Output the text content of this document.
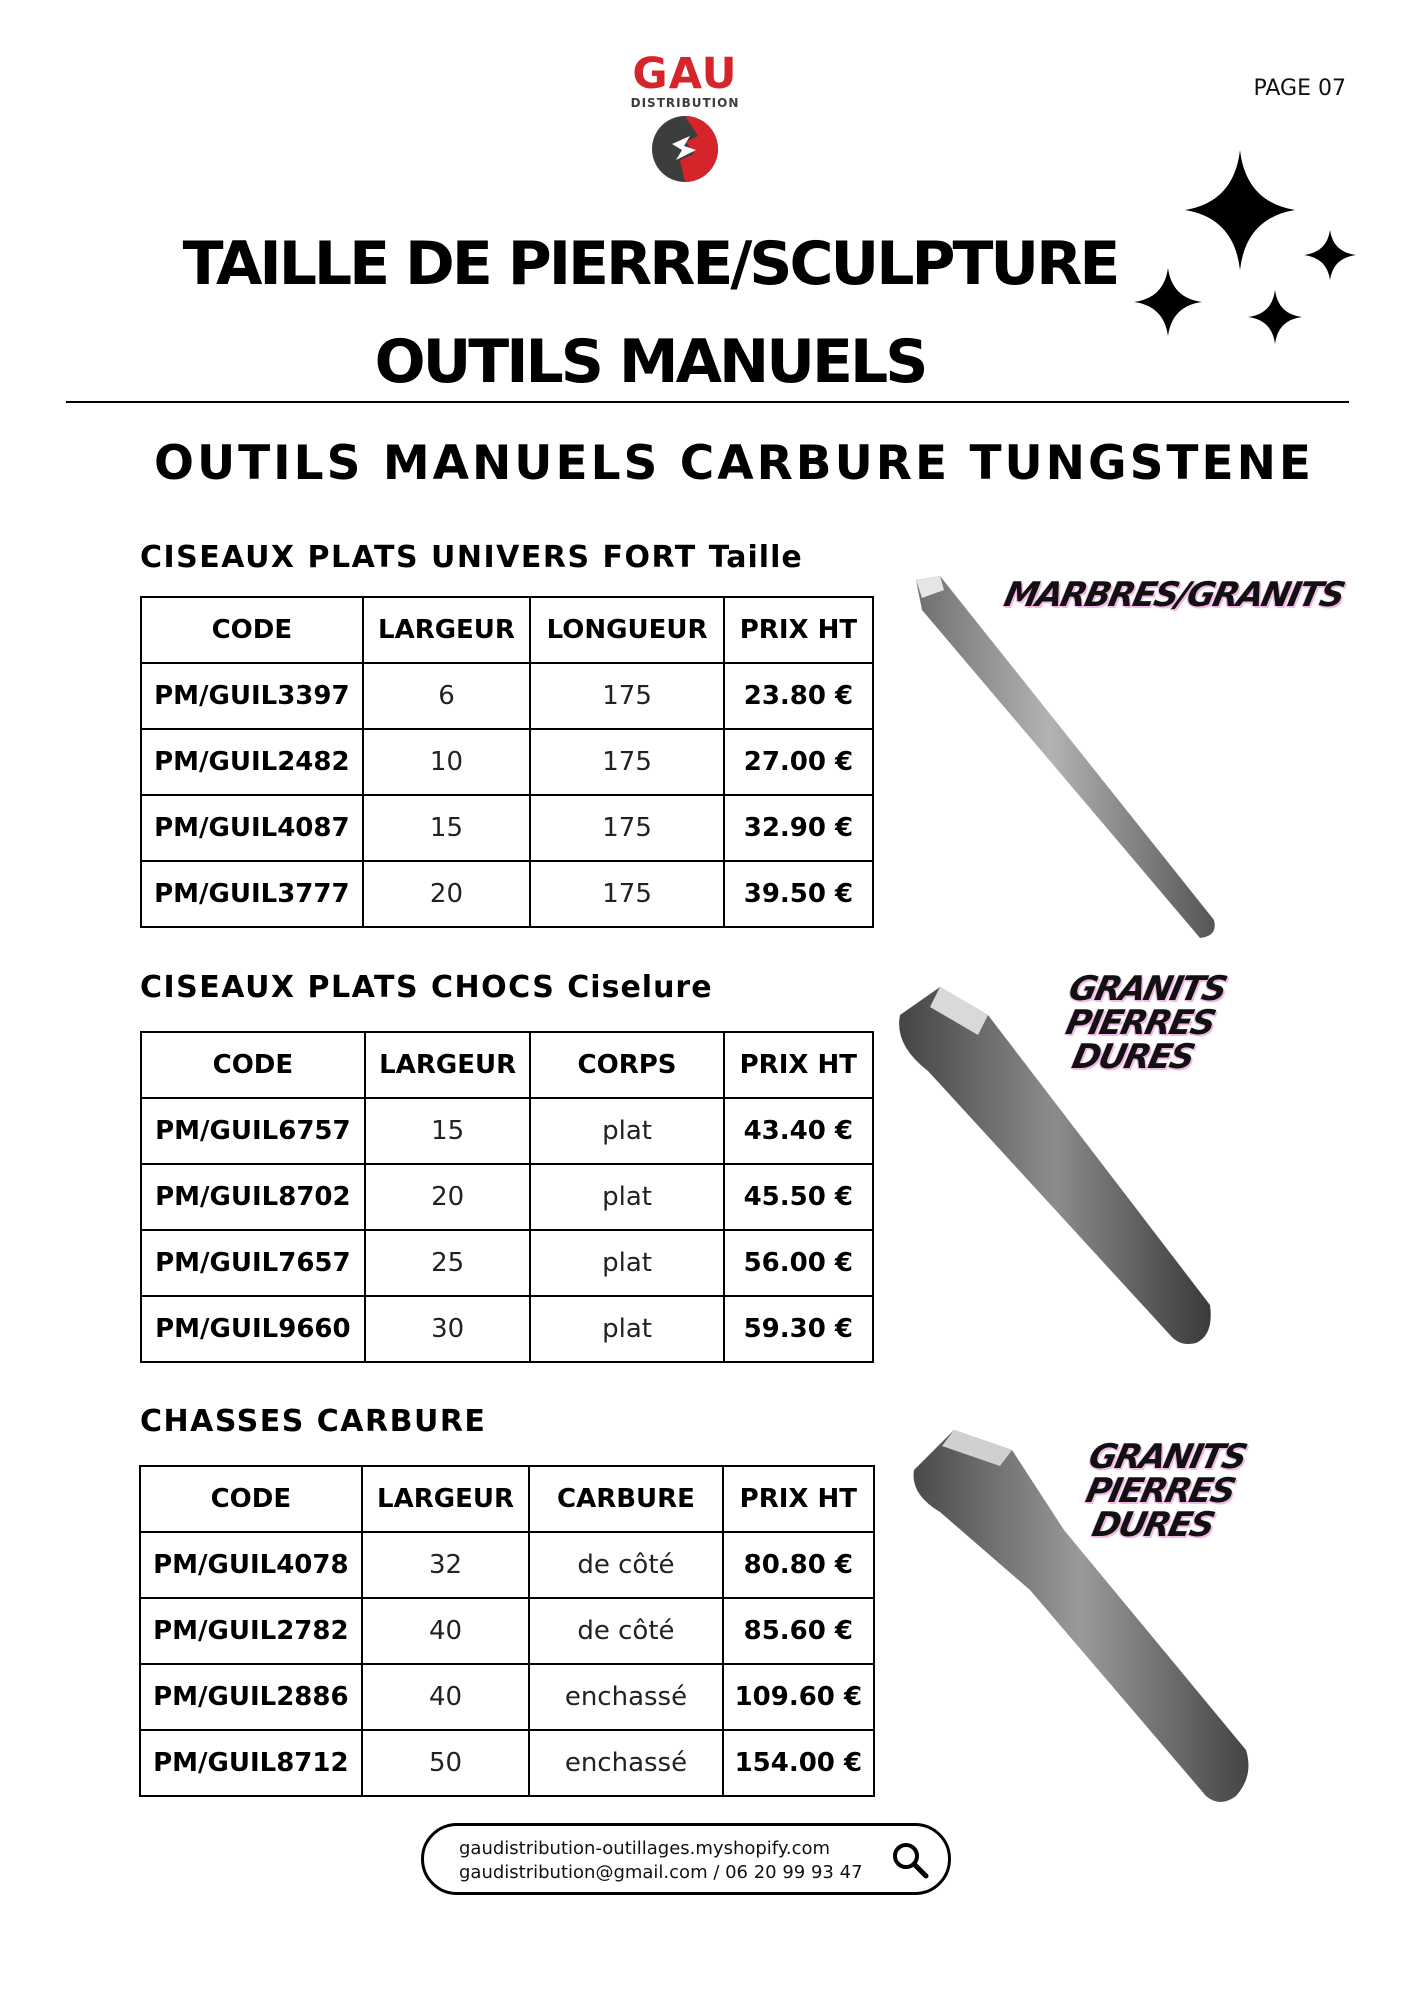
GAU
DISTRIBUTION
PAGE 07
TAILLE DE PIERRE/SCULPTURE
OUTILS MANUELS
OUTILS MANUELS CARBURE TUNGSTENE
CISEAUX PLATS UNIVERS FORT Taille
CODE	LARGEUR	LONGUEUR	PRIX HT
PM/GUIL3397	6	175	23.80 €
PM/GUIL2482	10	175	27.00 €
PM/GUIL4087	15	175	32.90 €
PM/GUIL3777	20	175	39.50 €
MARBRES/GRANITS
CISEAUX PLATS CHOCS Ciselure
CODE	LARGEUR	CORPS	PRIX HT
PM/GUIL6757	15	plat	43.40 €
PM/GUIL8702	20	plat	45.50 €
PM/GUIL7657	25	plat	56.00 €
PM/GUIL9660	30	plat	59.30 €
GRANITS
PIERRES DURES
CHASSES CARBURE
CODE	LARGEUR	CARBURE	PRIX HT
PM/GUIL4078	32	de côté	80.80 €
PM/GUIL2782	40	de côté	85.60 €
PM/GUIL2886	40	enchassé	109.60 €
PM/GUIL8712	50	enchassé	154.00 €
GRANITS
PIERRES DURES
gaudistribution-outillages.myshopify.com
gaudistribution@gmail.com / 06 20 99 93 47
